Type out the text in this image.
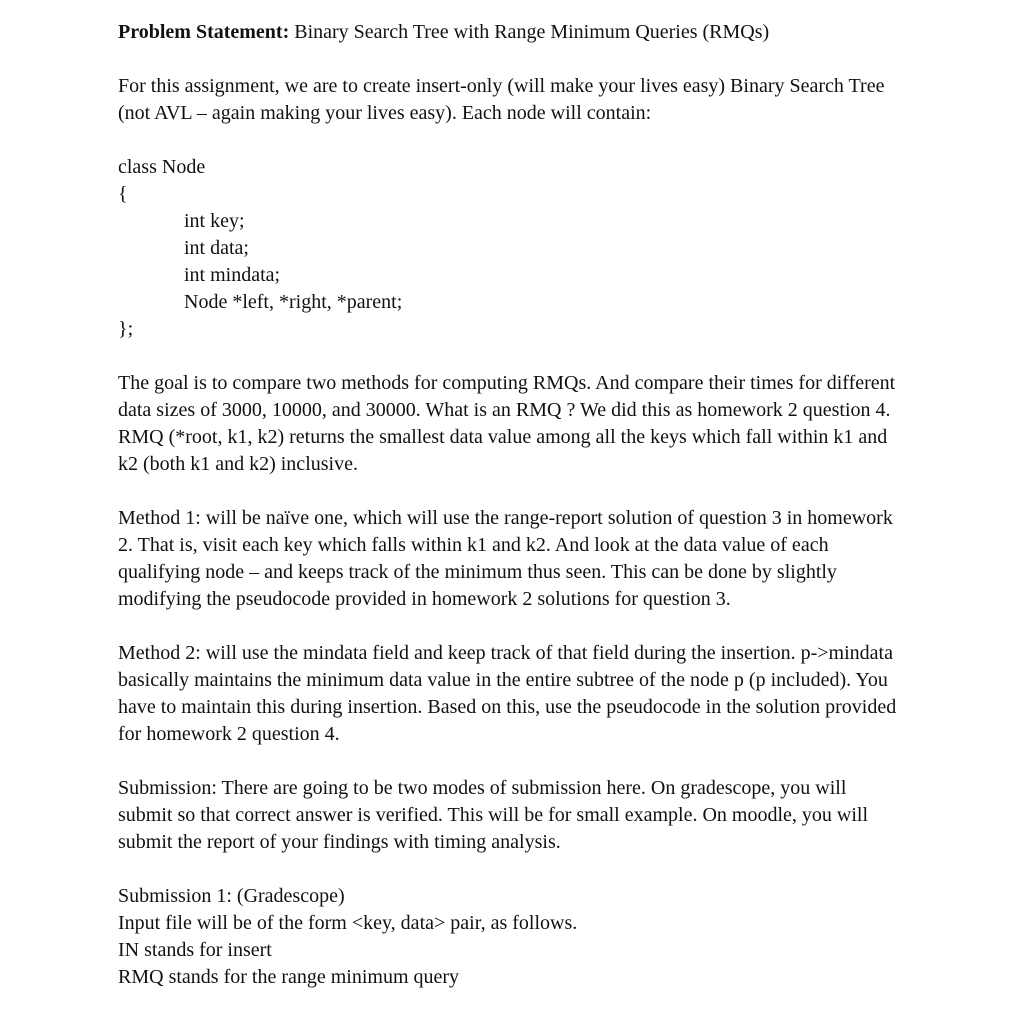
Problem Statement: Binary Search Tree with Range Minimum Queries (RMQs)
For this assignment, we are to create insert-only (will make your lives easy) Binary Search Tree
(not AVL – again making your lives easy). Each node will contain:
class Node
{
int key;
int data;
int mindata;
Node *left, *right, *parent;
};
The goal is to compare two methods for computing RMQs. And compare their times for different
data sizes of 3000, 10000, and 30000. What is an RMQ ? We did this as homework 2 question 4.
RMQ (*root, k1, k2) returns the smallest data value among all the keys which fall within k1 and
k2 (both k1 and k2) inclusive.
Method 1: will be naïve one, which will use the range-report solution of question 3 in homework
2. That is, visit each key which falls within k1 and k2. And look at the data value of each
qualifying node – and keeps track of the minimum thus seen. This can be done by slightly
modifying the pseudocode provided in homework 2 solutions for question 3.
Method 2: will use the mindata field and keep track of that field during the insertion. p->mindata
basically maintains the minimum data value in the entire subtree of the node p (p included). You
have to maintain this during insertion. Based on this, use the pseudocode in the solution provided
for homework 2 question 4.
Submission: There are going to be two modes of submission here. On gradescope, you will
submit so that correct answer is verified. This will be for small example. On moodle, you will
submit the report of your findings with timing analysis.
Submission 1: (Gradescope)
Input file will be of the form <key, data> pair, as follows.
IN stands for insert
RMQ stands for the range minimum query
